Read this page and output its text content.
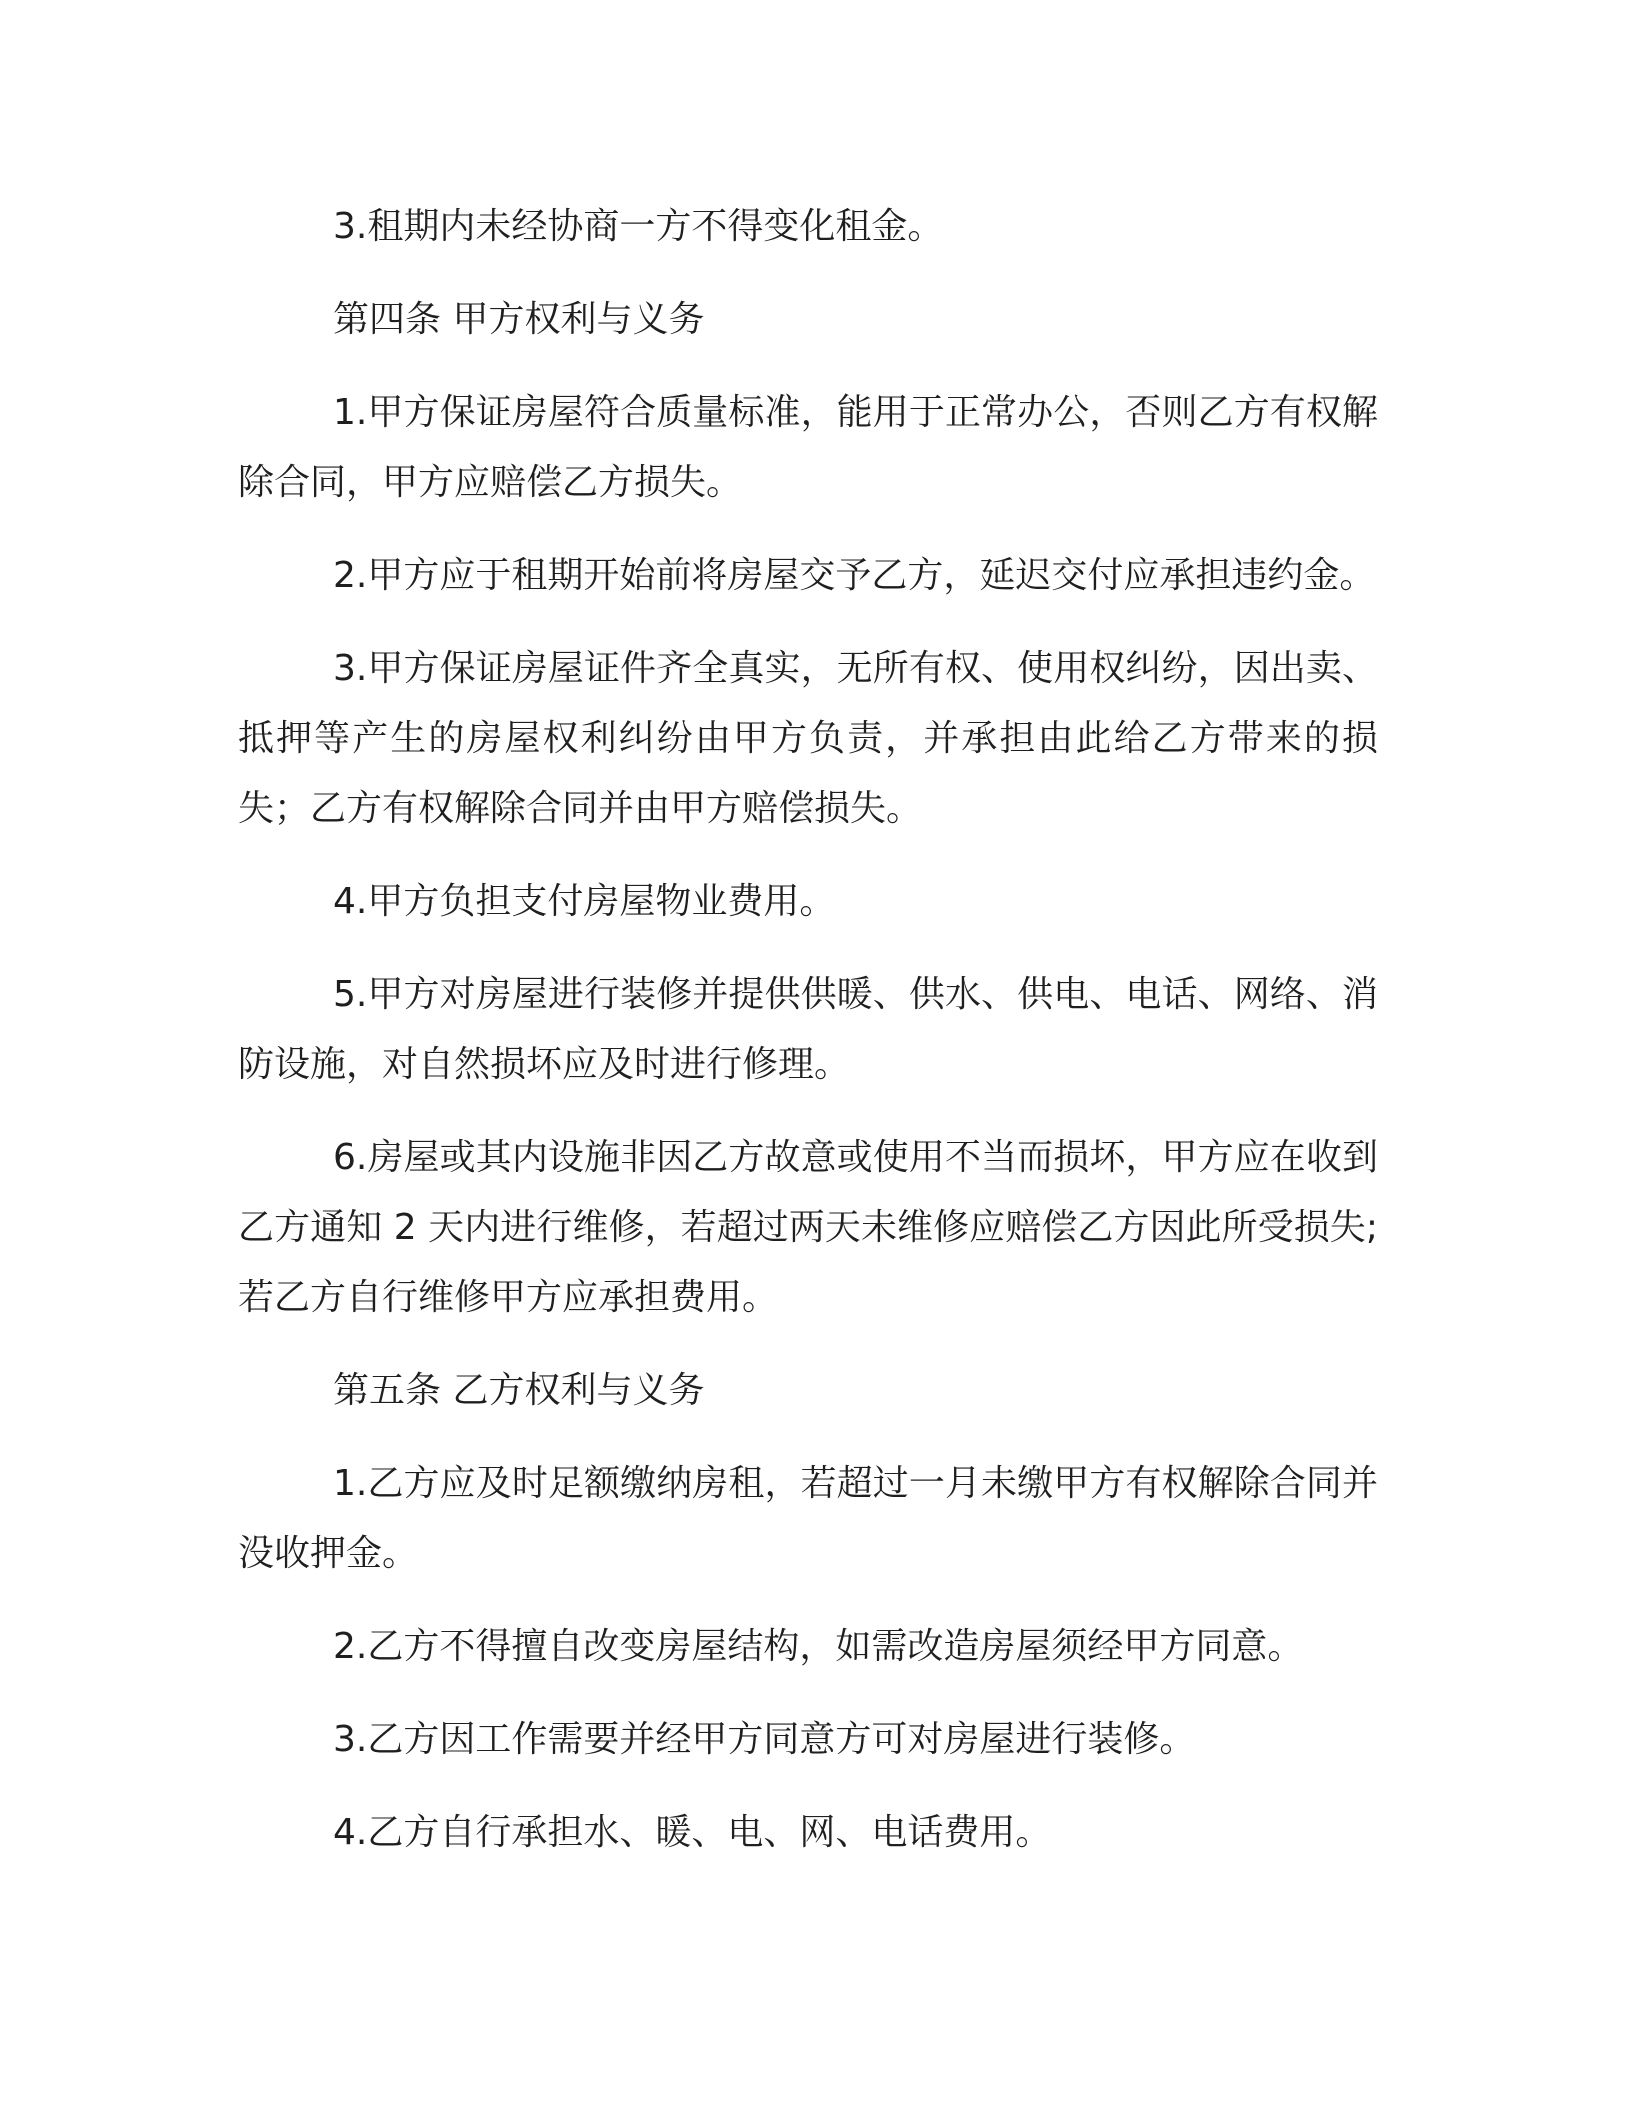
3.租期内未经协商一方不得变化租金。

第四条 甲方权利与义务

1.甲方保证房屋符合质量标准，能用于正常办公，否则乙方有权解除合同，甲方应赔偿乙方损失。

2.甲方应于租期开始前将房屋交予乙方，延迟交付应承担违约金。

3.甲方保证房屋证件齐全真实，无所有权、使用权纠纷，因出卖、抵押等产生的房屋权利纠纷由甲方负责，并承担由此给乙方带来的损失；乙方有权解除合同并由甲方赔偿损失。

4.甲方负担支付房屋物业费用。

5.甲方对房屋进行装修并提供供暖、供水、供电、电话、网络、消防设施，对自然损坏应及时进行修理。

6.房屋或其内设施非因乙方故意或使用不当而损坏，甲方应在收到乙方通知 2 天内进行维修，若超过两天未维修应赔偿乙方因此所受损失;若乙方自行维修甲方应承担费用。

第五条 乙方权利与义务

1.乙方应及时足额缴纳房租，若超过一月未缴甲方有权解除合同并没收押金。

2.乙方不得擅自改变房屋结构，如需改造房屋须经甲方同意。

3.乙方因工作需要并经甲方同意方可对房屋进行装修。

4.乙方自行承担水、暖、电、网、电话费用。
